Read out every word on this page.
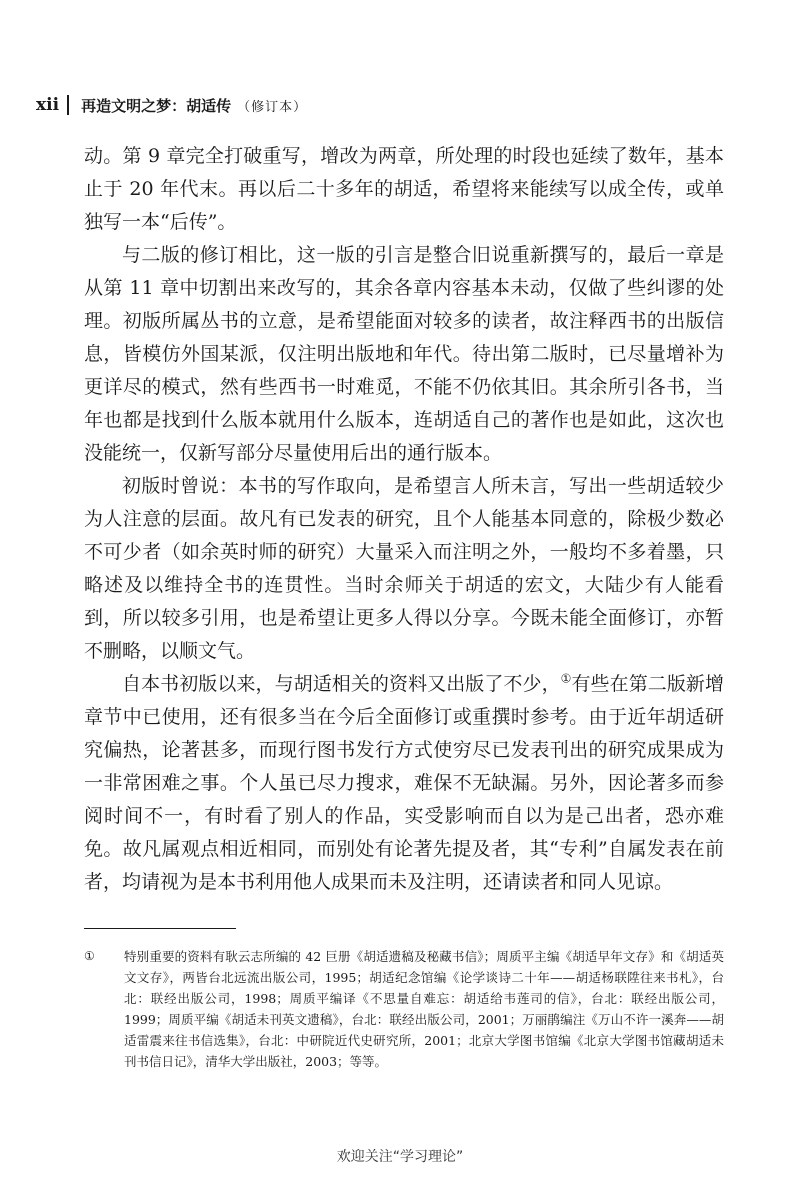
xii 再造文明之梦：胡适传 （修订本）

动。第 9 章完全打破重写，增改为两章，所处理的时段也延续了数年，基本止于 20 年代末。再以后二十多年的胡适，希望将来能续写以成全传，或单独写一本“后传”。

与二版的修订相比，这一版的引言是整合旧说重新撰写的，最后一章是从第 11 章中切割出来改写的，其余各章内容基本未动，仅做了些纠谬的处理。初版所属丛书的立意，是希望能面对较多的读者，故注释西书的出版信息，皆模仿外国某派，仅注明出版地和年代。待出第二版时，已尽量增补为更详尽的模式，然有些西书一时难觅，不能不仍依其旧。其余所引各书，当年也都是找到什么版本就用什么版本，连胡适自己的著作也是如此，这次也没能统一，仅新写部分尽量使用后出的通行版本。

初版时曾说：本书的写作取向，是希望言人所未言，写出一些胡适较少为人注意的层面。故凡有已发表的研究，且个人能基本同意的，除极少数必不可少者（如余英时师的研究）大量采入而注明之外，一般均不多着墨，只略述及以维持全书的连贯性。当时余师关于胡适的宏文，大陆少有人能看到，所以较多引用，也是希望让更多人得以分享。今既未能全面修订，亦暂不删略，以顺文气。

自本书初版以来，与胡适相关的资料又出版了不少，①有些在第二版新增章节中已使用，还有很多当在今后全面修订或重撰时参考。由于近年胡适研究偏热，论著甚多，而现行图书发行方式使穷尽已发表刊出的研究成果成为一非常困难之事。个人虽已尽力搜求，难保不无缺漏。另外，因论著多而参阅时间不一，有时看了别人的作品，实受影响而自以为是己出者，恐亦难免。故凡属观点相近相同，而别处有论著先提及者，其“专利”自属发表在前者，均请视为是本书利用他人成果而未及注明，还请读者和同人见谅。

①	特别重要的资料有耿云志所编的 42 巨册《胡适遗稿及秘藏书信》；周质平主编《胡适早年文存》和《胡适英文文存》，两皆台北远流出版公司，1995；胡适纪念馆编《论学谈诗二十年——胡适杨联陞往来书札》，台北：联经出版公司，1998；周质平编译《不思量自难忘：胡适给韦莲司的信》，台北：联经出版公司，1999；周质平编《胡适未刊英文遗稿》，台北：联经出版公司，2001；万丽鹃编注《万山不许一溪奔——胡适雷震来往书信选集》，台北：中研院近代史研究所，2001；北京大学图书馆编《北京大学图书馆藏胡适未刊书信日记》，清华大学出版社，2003；等等。
欢迎关注“学习理论”
